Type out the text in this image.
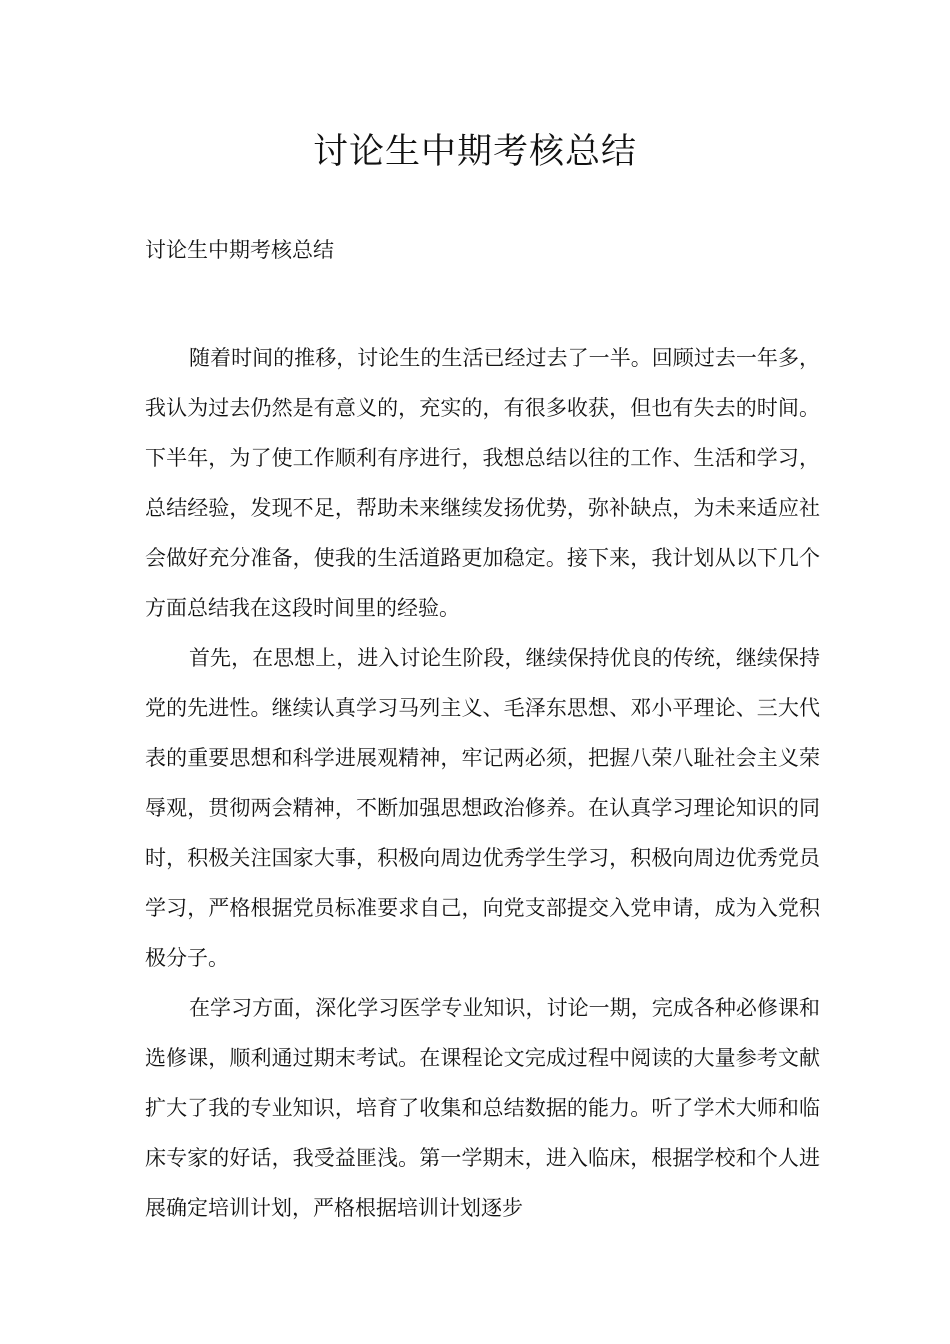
讨论生中期考核总结

讨论生中期考核总结

随着时间的推移，讨论生的生活已经过去了一半。回顾过去一年多，我认为过去仍然是有意义的，充实的，有很多收获，但也有失去的时间。下半年，为了使工作顺利有序进行，我想总结以往的工作、生活和学习，总结经验，发现不足，帮助未来继续发扬优势，弥补缺点，为未来适应社会做好充分准备，使我的生活道路更加稳定。接下来，我计划从以下几个方面总结我在这段时间里的经验。

首先，在思想上，进入讨论生阶段，继续保持优良的传统，继续保持党的先进性。继续认真学习马列主义、毛泽东思想、邓小平理论、三大代表的重要思想和科学进展观精神，牢记两必须，把握八荣八耻社会主义荣辱观，贯彻两会精神，不断加强思想政治修养。在认真学习理论知识的同时，积极关注国家大事，积极向周边优秀学生学习，积极向周边优秀党员学习，严格根据党员标准要求自己，向党支部提交入党申请，成为入党积极分子。

在学习方面，深化学习医学专业知识，讨论一期，完成各种必修课和选修课，顺利通过期末考试。在课程论文完成过程中阅读的大量参考文献扩大了我的专业知识，培育了收集和总结数据的能力。听了学术大师和临床专家的好话，我受益匪浅。第一学期末，进入临床，根据学校和个人进展确定培训计划，严格根据培训计划逐步
